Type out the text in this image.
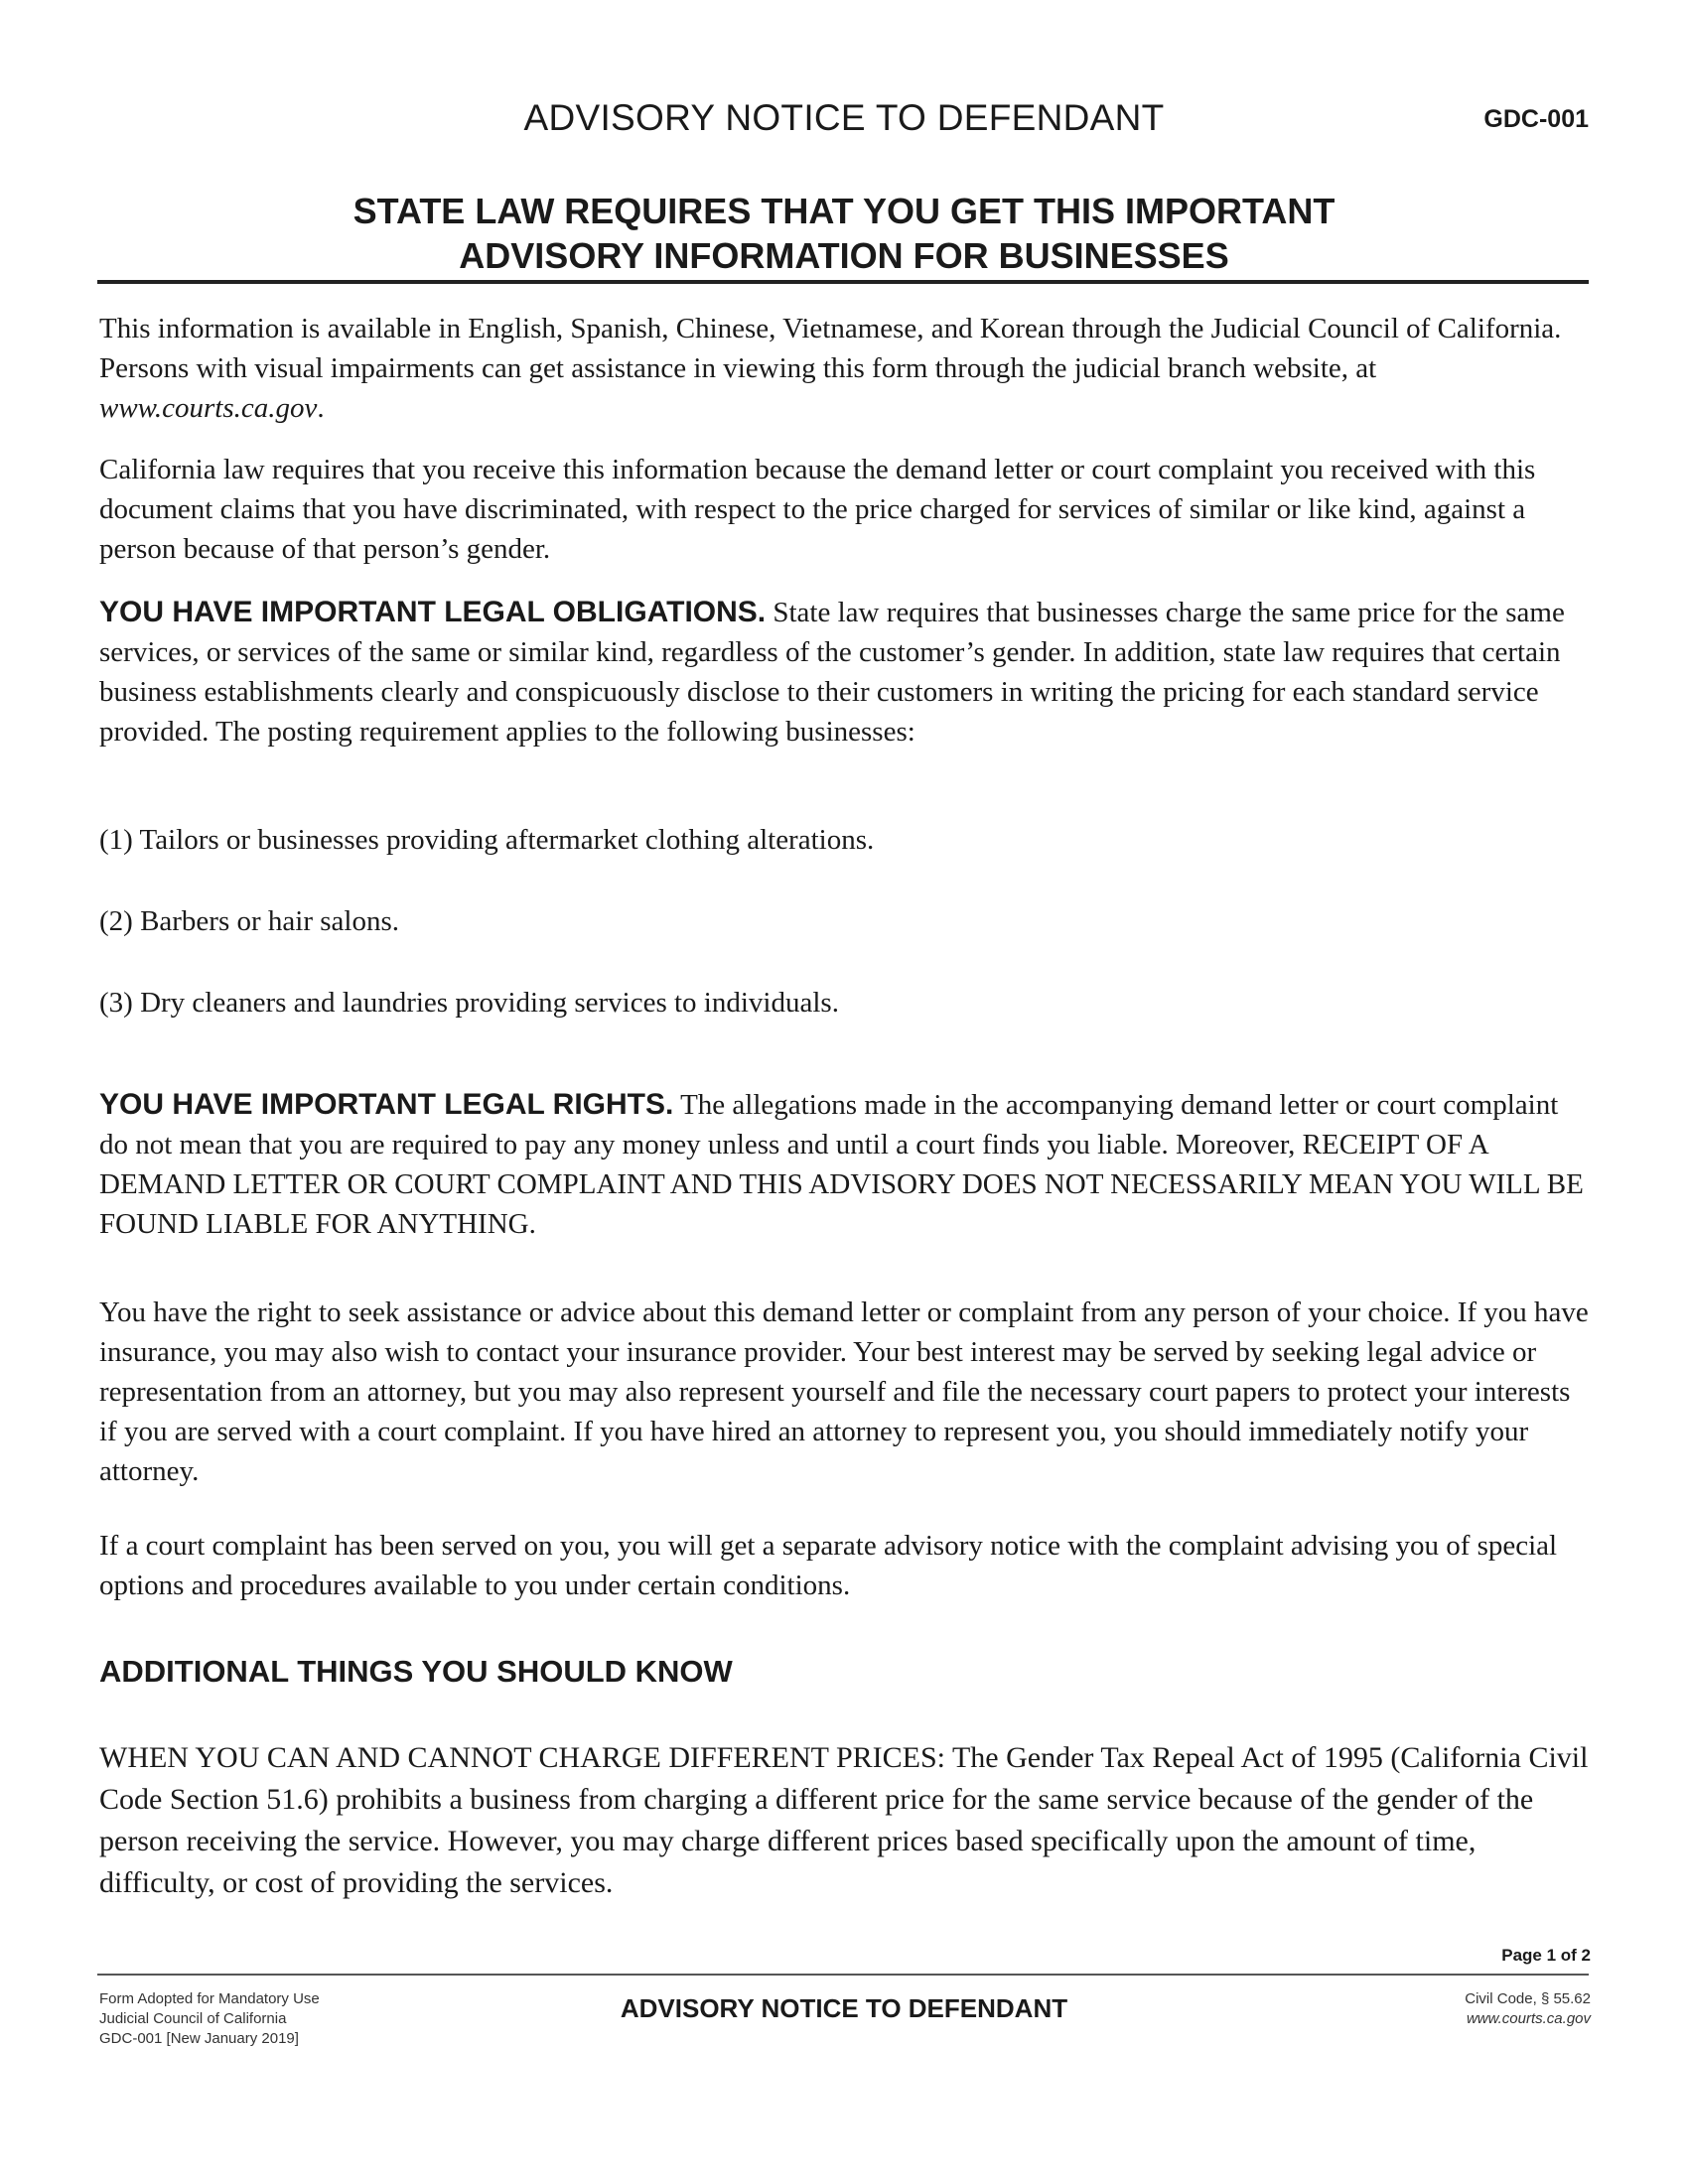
ADVISORY NOTICE TO DEFENDANT	GDC-001
STATE LAW REQUIRES THAT YOU GET THIS IMPORTANT
ADVISORY INFORMATION FOR BUSINESSES

This information is available in English, Spanish, Chinese, Vietnamese, and Korean through the Judicial Council of California. Persons with visual impairments can get assistance in viewing this form through the judicial branch website, at www.courts.ca.gov.

California law requires that you receive this information because the demand letter or court complaint you received with this document claims that you have discriminated, with respect to the price charged for services of similar or like kind, against a person because of that person’s gender.

YOU HAVE IMPORTANT LEGAL OBLIGATIONS. State law requires that businesses charge the same price for the same services, or services of the same or similar kind, regardless of the customer’s gender. In addition, state law requires that certain business establishments clearly and conspicuously disclose to their customers in writing the pricing for each standard service provided. The posting requirement applies to the following businesses:

(1) Tailors or businesses providing aftermarket clothing alterations.
(2) Barbers or hair salons.
(3) Dry cleaners and laundries providing services to individuals.

YOU HAVE IMPORTANT LEGAL RIGHTS. The allegations made in the accompanying demand letter or court complaint do not mean that you are required to pay any money unless and until a court finds you liable. Moreover, RECEIPT OF A DEMAND LETTER OR COURT COMPLAINT AND THIS ADVISORY DOES NOT NECESSARILY MEAN YOU WILL BE FOUND LIABLE FOR ANYTHING.

You have the right to seek assistance or advice about this demand letter or complaint from any person of your choice. If you have insurance, you may also wish to contact your insurance provider. Your best interest may be served by seeking legal advice or representation from an attorney, but you may also represent yourself and file the necessary court papers to protect your interests if you are served with a court complaint. If you have hired an attorney to represent you, you should immediately notify your attorney.

If a court complaint has been served on you, you will get a separate advisory notice with the complaint advising you of special options and procedures available to you under certain conditions.

ADDITIONAL THINGS YOU SHOULD KNOW

WHEN YOU CAN AND CANNOT CHARGE DIFFERENT PRICES: The Gender Tax Repeal Act of 1995 (California Civil Code Section 51.6) prohibits a business from charging a different price for the same service because of the gender of the person receiving the service. However, you may charge different prices based specifically upon the amount of time, difficulty, or cost of providing the services.

Page 1 of 2
Form Adopted for Mandatory Use
Judicial Council of California
GDC-001 [New January 2019]
ADVISORY NOTICE TO DEFENDANT	Civil Code, § 55.62
www.courts.ca.gov
